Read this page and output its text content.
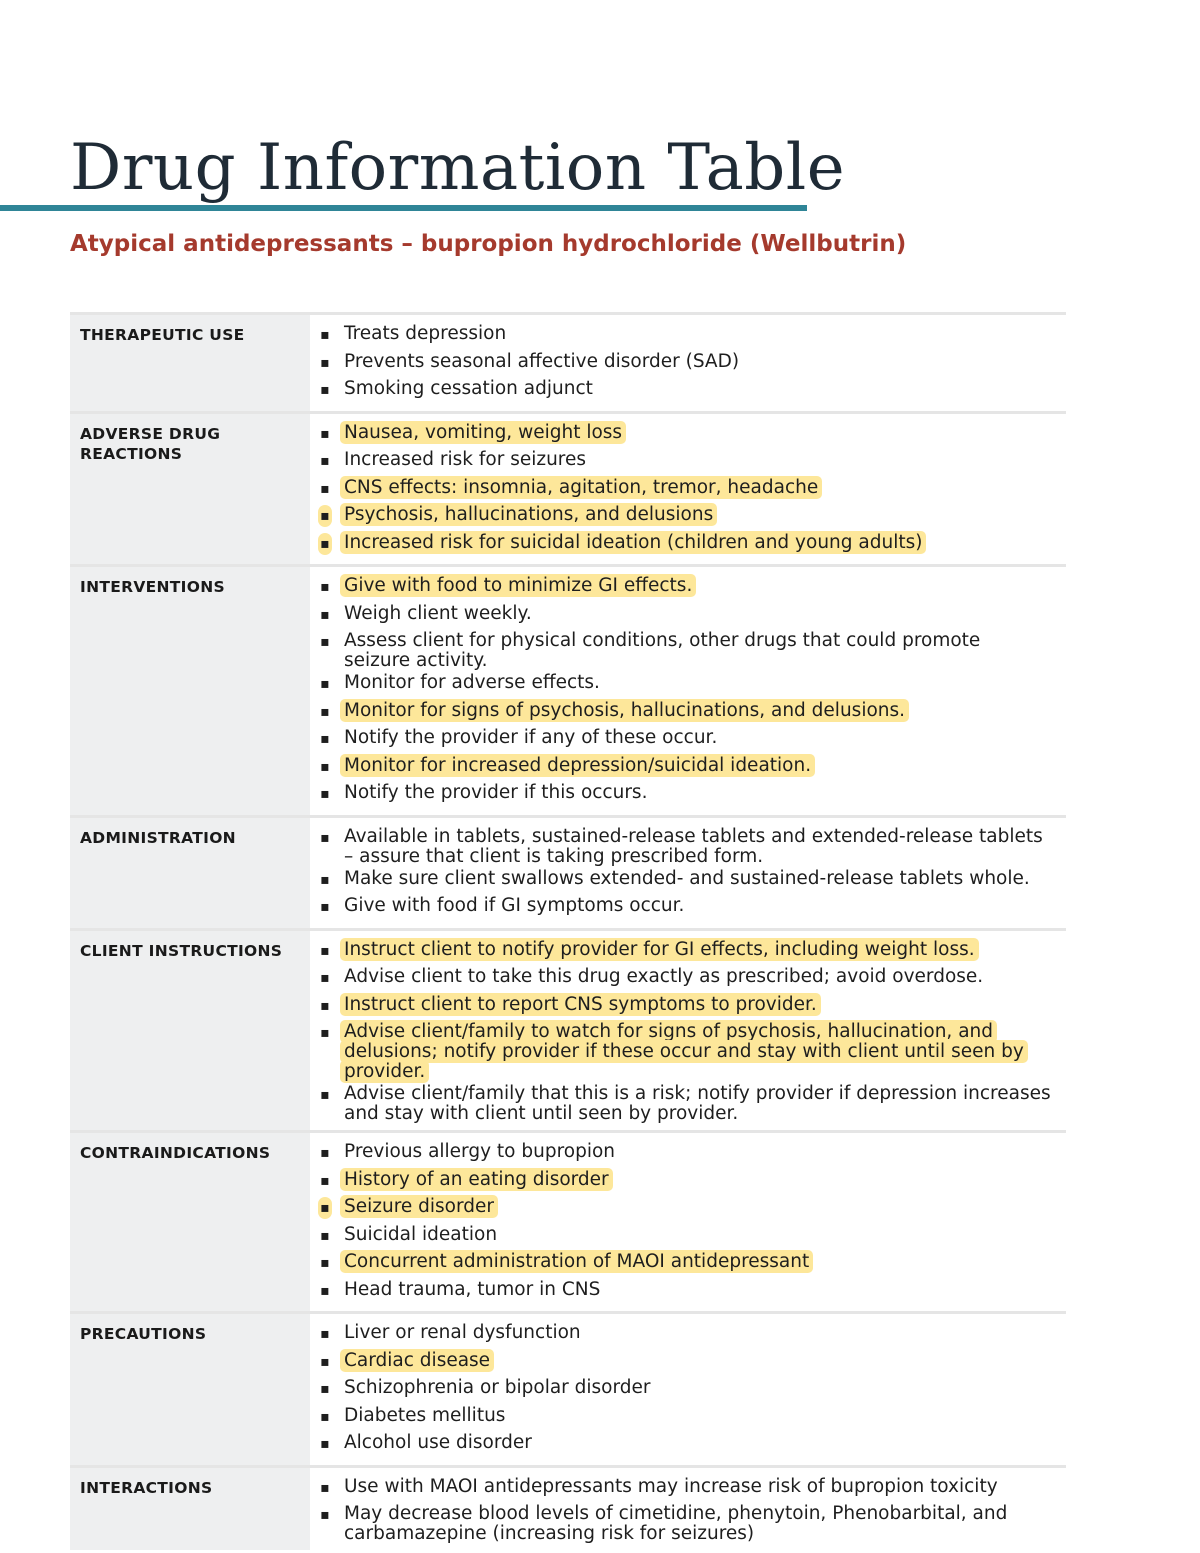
Drug Information Table
Atypical antidepressants – bupropion hydrochloride (Wellbutrin)
THERAPEUTIC USE	▪ Treats depression
▪ Prevents seasonal affective disorder (SAD)
▪ Smoking cessation adjunct
ADVERSE DRUG
REACTIONS
▪ Nausea, vomiting, weight loss
▪ Increased risk for seizures
▪ CNS effects: insomnia, agitation, tremor, headache
▪ Psychosis, hallucinations, and delusions
▪ Increased risk for suicidal ideation (children and young adults)
INTERVENTIONS	▪ Give with food to minimize GI effects.
▪ Weigh client weekly.
▪ Assess client for physical conditions, other drugs that could promote seizure activity.
▪ Monitor for adverse effects.
▪ Monitor for signs of psychosis, hallucinations, and delusions.
▪ Notify the provider if any of these occur.
▪ Monitor for increased depression/suicidal ideation.
▪ Notify the provider if this occurs.
ADMINISTRATION	▪ Available in tablets, sustained-release tablets and extended-release tablets – assure that client is taking prescribed form.
▪ Make sure client swallows extended- and sustained-release tablets whole.
▪ Give with food if GI symptoms occur.
CLIENT INSTRUCTIONS	▪ Instruct client to notify provider for GI effects, including weight loss.
▪ Advise client to take this drug exactly as prescribed; avoid overdose.
▪ Instruct client to report CNS symptoms to provider.
▪ Advise client/family to watch for signs of psychosis, hallucination, and delusions; notify provider if these occur and stay with client until seen by provider.
▪ Advise client/family that this is a risk; notify provider if depression increases and stay with client until seen by provider.
CONTRAINDICATIONS	▪ Previous allergy to bupropion
▪ History of an eating disorder
▪ Seizure disorder
▪ Suicidal ideation
▪ Concurrent administration of MAOI antidepressant
▪ Head trauma, tumor in CNS
PRECAUTIONS	▪ Liver or renal dysfunction
▪ Cardiac disease
▪ Schizophrenia or bipolar disorder
▪ Diabetes mellitus
▪ Alcohol use disorder
INTERACTIONS	▪ Use with MAOI antidepressants may increase risk of bupropion toxicity
▪ May decrease blood levels of cimetidine, phenytoin, Phenobarbital, and carbamazepine (increasing risk for seizures)
